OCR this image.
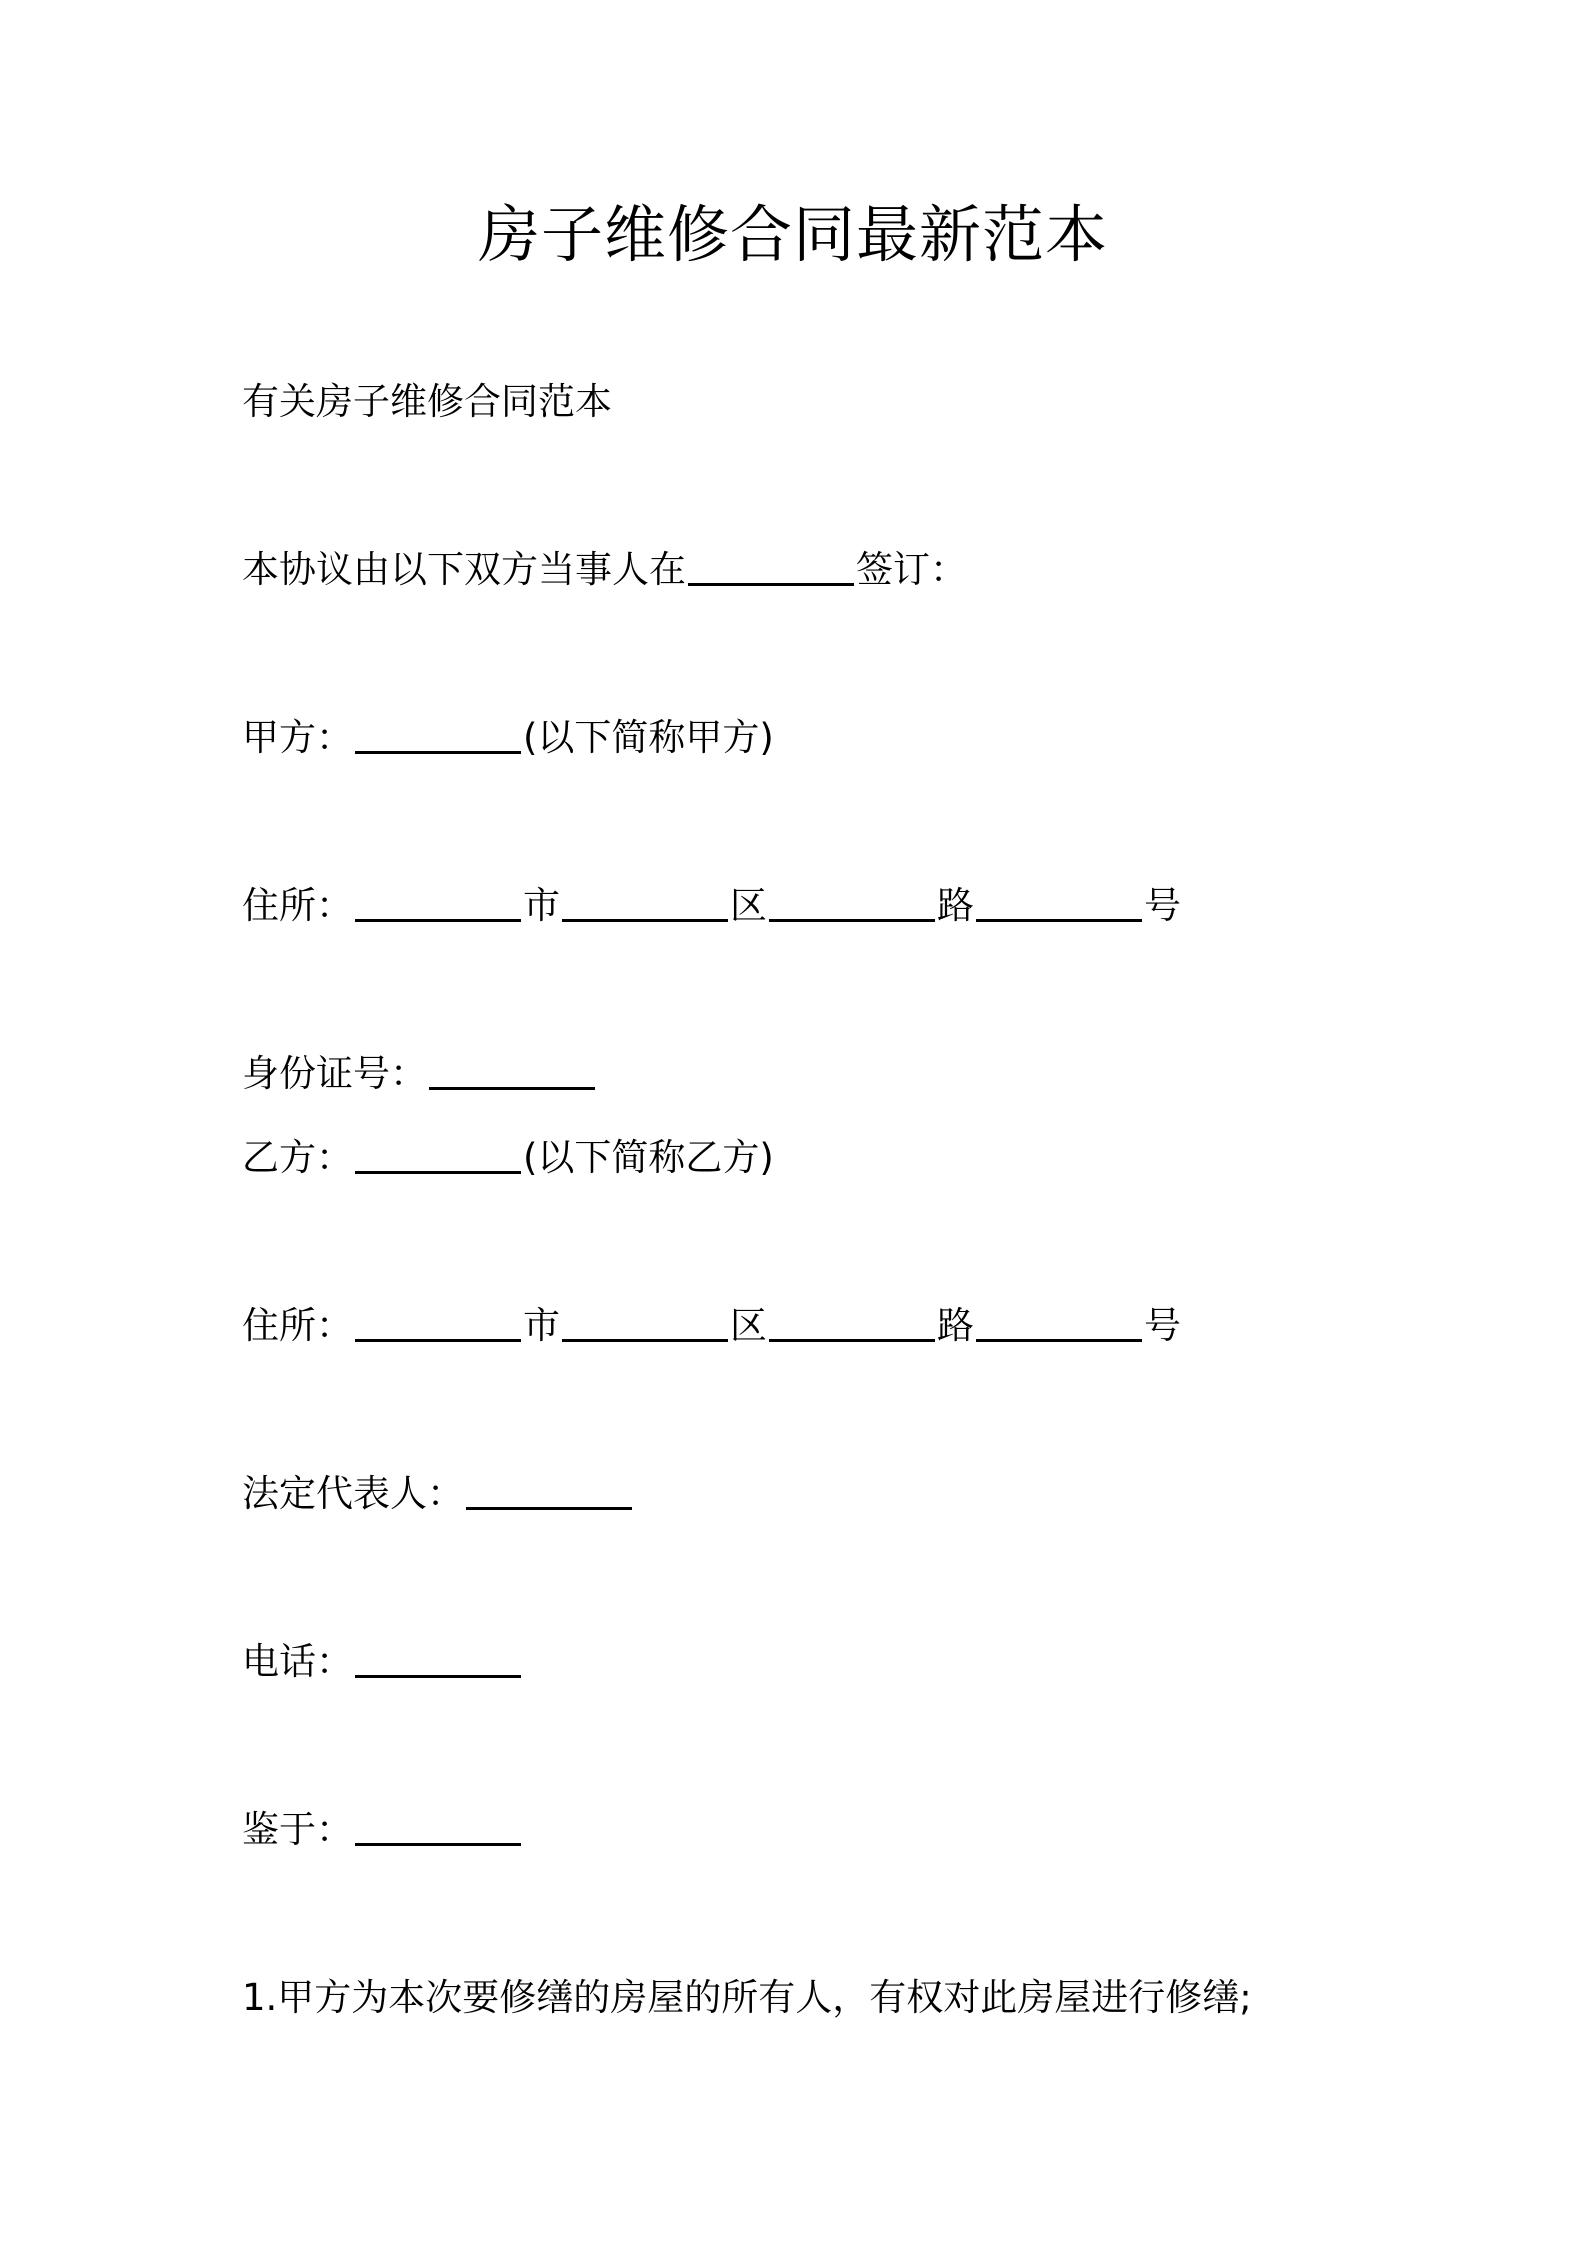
房子维修合同最新范本
有关房子维修合同范本
本协议由以下双方当事人在	签订：
甲方：	(以下简称甲方)
住所：	市	区	路	号
身份证号：
乙方：	(以下简称乙方)
住所：	市	区	路	号
法定代表人：
电话：
鉴于：
1.甲方为本次要修缮的房屋的所有人，有权对此房屋进行修缮;
